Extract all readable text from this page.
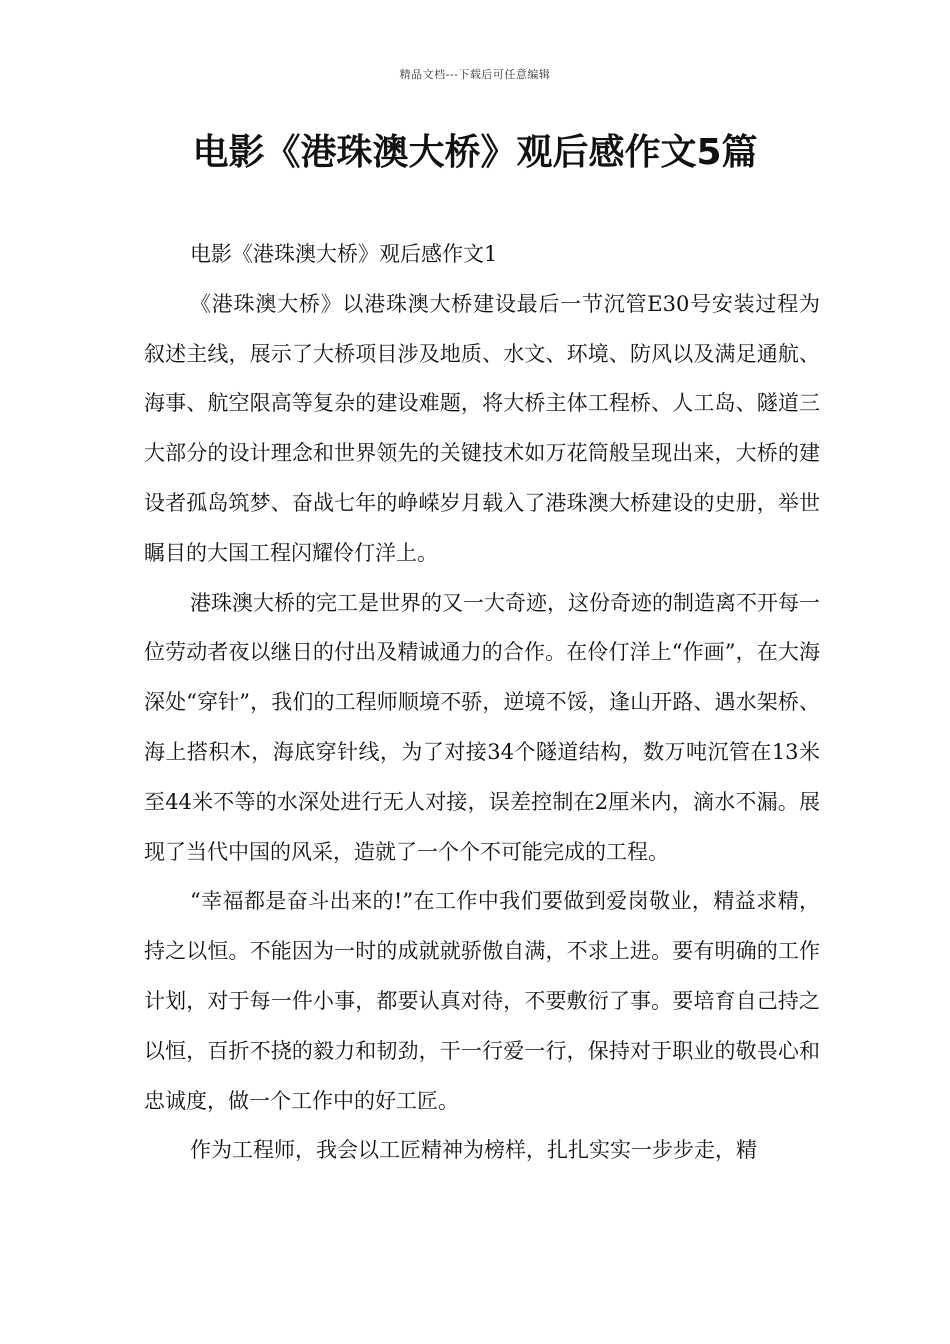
精品文档---下载后可任意编辑
电影《港珠澳大桥》观后感作文5篇

电影《港珠澳大桥》观后感作文1

《港珠澳大桥》以港珠澳大桥建设最后一节沉管E30号安装过程为叙述主线，展示了大桥项目涉及地质、水文、环境、防风以及满足通航、海事、航空限高等复杂的建设难题，将大桥主体工程桥、人工岛、隧道三大部分的设计理念和世界领先的关键技术如万花筒般呈现出来，大桥的建设者孤岛筑梦、奋战七年的峥嵘岁月载入了港珠澳大桥建设的史册，举世瞩目的大国工程闪耀伶仃洋上。

港珠澳大桥的完工是世界的又一大奇迹，这份奇迹的制造离不开每一位劳动者夜以继日的付出及精诚通力的合作。在伶仃洋上“作画”，在大海深处“穿针”，我们的工程师顺境不骄，逆境不馁，逢山开路、遇水架桥、海上搭积木，海底穿针线，为了对接34个隧道结构，数万吨沉管在13米至44米不等的水深处进行无人对接，误差控制在2厘米内，滴水不漏。展现了当代中国的风采，造就了一个个不可能完成的工程。

“幸福都是奋斗出来的!”在工作中我们要做到爱岗敬业，精益求精，持之以恒。不能因为一时的成就就骄傲自满，不求上进。要有明确的工作计划，对于每一件小事，都要认真对待，不要敷衍了事。要培育自己持之以恒，百折不挠的毅力和韧劲，干一行爱一行，保持对于职业的敬畏心和忠诚度，做一个工作中的好工匠。

作为工程师，我会以工匠精神为榜样，扎扎实实一步步走，精
